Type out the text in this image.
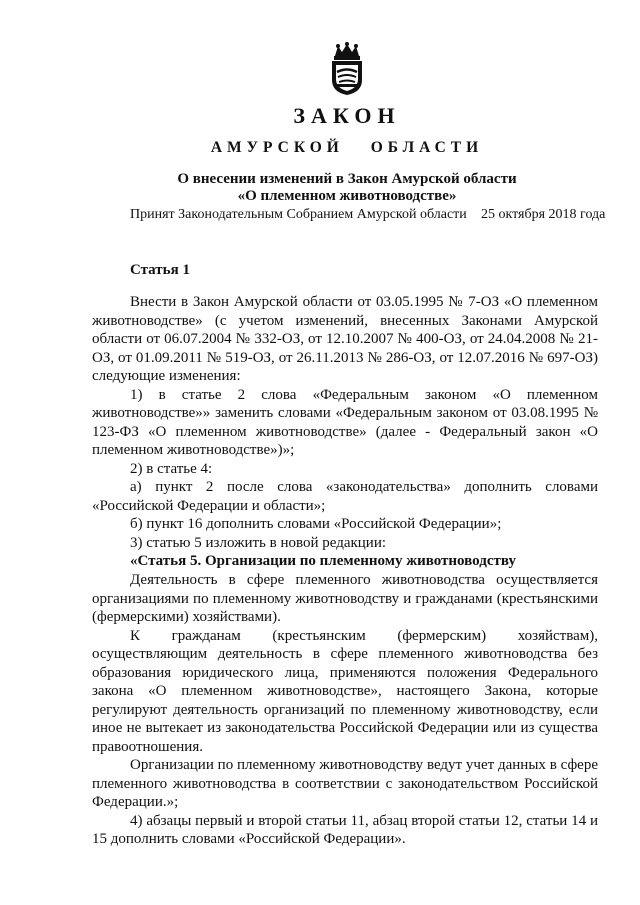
ЗАКОН
АМУРСКОЙ ОБЛАСТИ
О внесении изменений в Закон Амурской области
«О племенном животноводстве»
Принят Законодательным Собранием Амурской области 25 октября 2018 года
Статья 1

Внести в Закон Амурской области от 03.05.1995 № 7-ОЗ «О племенном животноводстве» (с учетом изменений, внесенных Законами Амурской области от 06.07.2004 № 332-ОЗ, от 12.10.2007 № 400-ОЗ, от 24.04.2008 № 21-ОЗ, от 01.09.2011 № 519-ОЗ, от 26.11.2013 № 286-ОЗ, от 12.07.2016 № 697-ОЗ) следующие изменения:

1) в статье 2 слова «Федеральным законом «О племенном животноводстве»» заменить словами «Федеральным законом от 03.08.1995 № 123-ФЗ «О племенном животноводстве» (далее - Федеральный закон «О племенном животноводстве»)»;

2) в статье 4:

а) пункт 2 после слова «законодательства» дополнить словами «Российской Федерации и области»;

б) пункт 16 дополнить словами «Российской Федерации»;

3) статью 5 изложить в новой редакции:

«Статья 5. Организации по племенному животноводству

Деятельность в сфере племенного животноводства осуществляется организациями по племенному животноводству и гражданами (крестьянскими (фермерскими) хозяйствами).

К гражданам (крестьянским (фермерским) хозяйствам), осуществляющим деятельность в сфере племенного животноводства без образования юридического лица, применяются положения Федерального закона «О племенном животноводстве», настоящего Закона, которые регулируют деятельность организаций по племенному животноводству, если иное не вытекает из законодательства Российской Федерации или из существа правоотношения.

Организации по племенному животноводству ведут учет данных в сфере племенного животноводства в соответствии с законодательством Российской Федерации.»;

4) абзацы первый и второй статьи 11, абзац второй статьи 12, статьи 14 и 15 дополнить словами «Российской Федерации».
